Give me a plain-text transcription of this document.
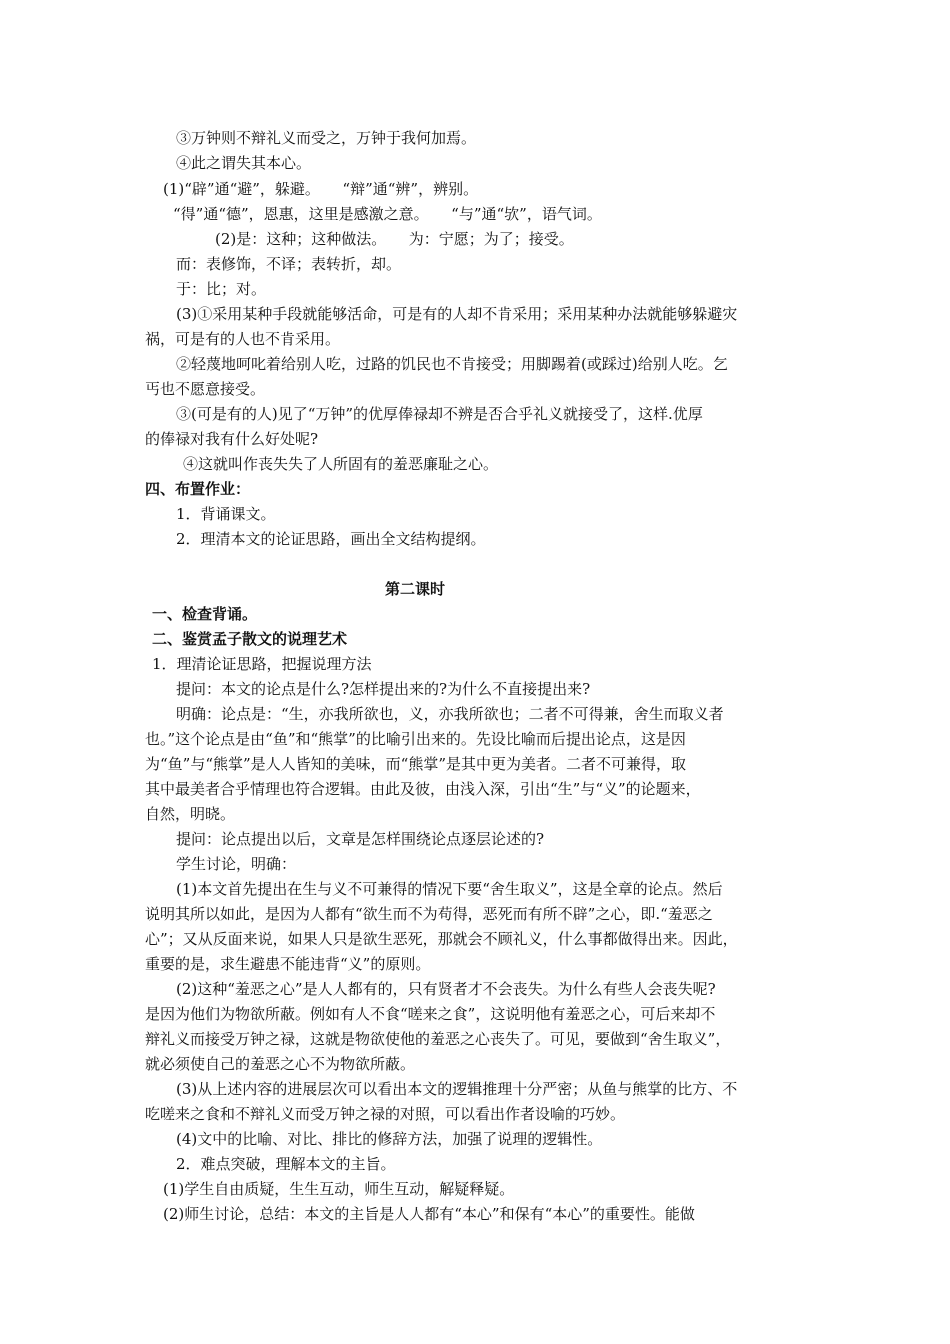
③万钟则不辩礼义而受之，万钟于我何加焉。
④此之谓失其本心。
(1)“辟”通“避”，躲避。　　“辩”通“辨”，辨别。
“得”通“德”，恩惠，这里是感激之意。　　“与”通“欤”，语气词。
(2)是：这种；这种做法。　　为：宁愿；为了；接受。
而：表修饰，不译；表转折，却。
于：比；对。
(3)①采用某种手段就能够活命，可是有的人却不肯采用；采用某种办法就能够躲避灾
祸，可是有的人也不肯采用。
②轻蔑地呵叱着给别人吃，过路的饥民也不肯接受；用脚踢着(或踩过)给别人吃。乞
丐也不愿意接受。
③(可是有的人)见了“万钟”的优厚俸禄却不辨是否合乎礼义就接受了，这样.优厚
的俸禄对我有什么好处呢?
④这就叫作丧失失了人所固有的羞恶廉耻之心。
四、布置作业：
1．背诵课文。
2．理清本文的论证思路，画出全文结构提纲。
第二课时
一、检查背诵。
二、鉴赏孟子散文的说理艺术
1．理清论证思路，把握说理方法
提问：本文的论点是什么?怎样提出来的?为什么不直接提出来?
明确：论点是：“生，亦我所欲也，义，亦我所欲也；二者不可得兼，舍生而取义者
也。”这个论点是由“鱼”和“熊掌”的比喻引出来的。先设比喻而后提出论点，这是因
为“鱼”与“熊掌”是人人皆知的美味，而“熊掌”是其中更为美者。二者不可兼得，取
其中最美者合乎情理也符合逻辑。由此及彼，由浅入深，引出“生”与“义”的论题来，
自然，明晓。
提问：论点提出以后，文章是怎样围绕论点逐层论述的?
学生讨论，明确：
(1)本文首先提出在生与义不可兼得的情况下要“舍生取义”，这是全章的论点。然后
说明其所以如此，是因为人都有“欲生而不为苟得，恶死而有所不辟”之心，即.“羞恶之
心”；又从反面来说，如果人只是欲生恶死，那就会不顾礼义，什么事都做得出来。因此，
重要的是，求生避患不能违背“义”的原则。
(2)这种“羞恶之心”是人人都有的，只有贤者才不会丧失。为什么有些人会丧失呢?
是因为他们为物欲所蔽。例如有人不食“嗟来之食”，这说明他有羞恶之心，可后来却不
辩礼义而接受万钟之禄，这就是物欲使他的羞恶之心丧失了。可见，要做到“舍生取义”，
就必须使自己的羞恶之心不为物欲所蔽。
(3)从上述内容的进展层次可以看出本文的逻辑推理十分严密；从鱼与熊掌的比方、不
吃嗟来之食和不辩礼义而受万钟之禄的对照，可以看出作者设喻的巧妙。
(4)文中的比喻、对比、排比的修辞方法，加强了说理的逻辑性。
2．难点突破，理解本文的主旨。
(1)学生自由质疑，生生互动，师生互动，解疑释疑。
(2)师生讨论，总结：本文的主旨是人人都有“本心”和保有“本心”的重要性。能做
